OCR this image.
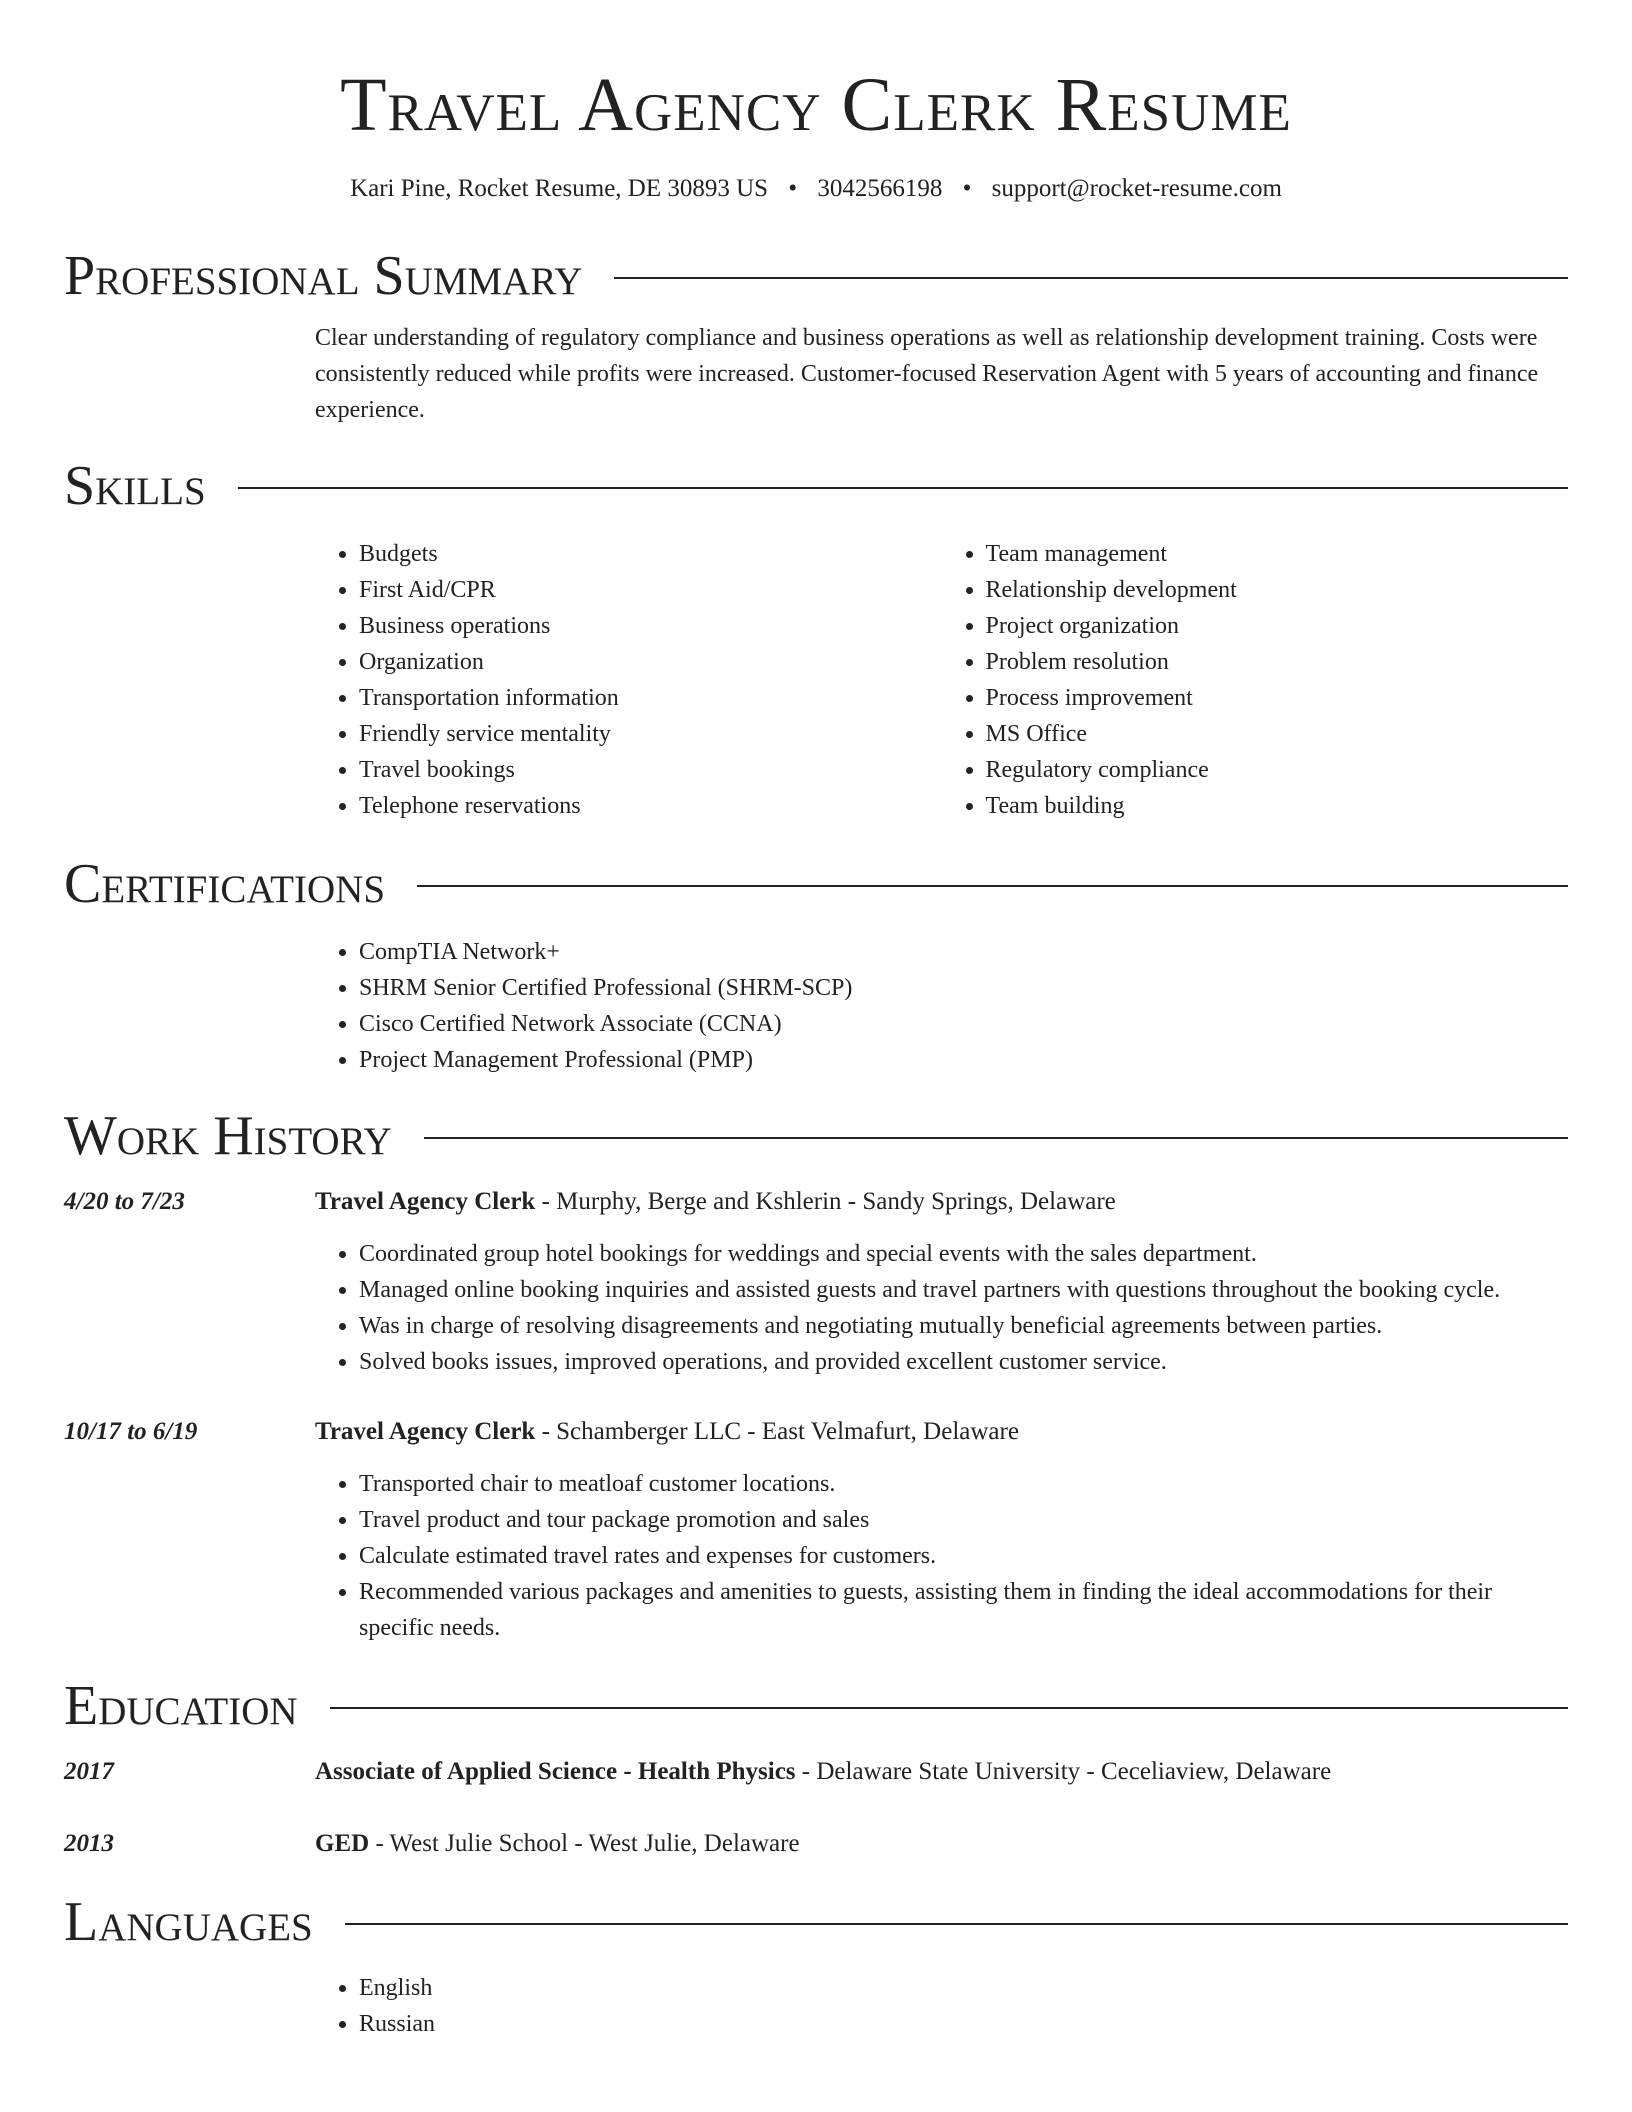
Travel Agency Clerk Resume
Kari Pine, Rocket Resume, DE 30893 US • 3042566198 • support@rocket-resume.com
Professional Summary

Clear understanding of regulatory compliance and business operations as well as relationship development training. Costs were consistently reduced while profits were increased. Customer-focused Reservation Agent with 5 years of accounting and finance experience.

Skills
• Budgets
• First Aid/CPR
• Business operations
• Organization
• Transportation information
• Friendly service mentality
• Travel bookings
• Telephone reservations
• Team management
• Relationship development
• Project organization
• Problem resolution
• Process improvement
• MS Office
• Regulatory compliance
• Team building
Certifications
• CompTIA Network+
• SHRM Senior Certified Professional (SHRM-SCP)
• Cisco Certified Network Associate (CCNA)
• Project Management Professional (PMP)
Work History
4/20 to 7/23	Travel Agency Clerk - Murphy, Berge and Kshlerin - Sandy Springs, Delaware
• Coordinated group hotel bookings for weddings and special events with the sales department.
• Managed online booking inquiries and assisted guests and travel partners with questions throughout the booking cycle.
• Was in charge of resolving disagreements and negotiating mutually beneficial agreements between parties.
• Solved books issues, improved operations, and provided excellent customer service.
10/17 to 6/19	Travel Agency Clerk - Schamberger LLC - East Velmafurt, Delaware
• Transported chair to meatloaf customer locations.
• Travel product and tour package promotion and sales
• Calculate estimated travel rates and expenses for customers.
• Recommended various packages and amenities to guests, assisting them in finding the ideal accommodations for their specific needs.
Education
2017	Associate of Applied Science - Health Physics - Delaware State University - Ceceliaview, Delaware
2013	GED - West Julie School - West Julie, Delaware
Languages
• English
• Russian
